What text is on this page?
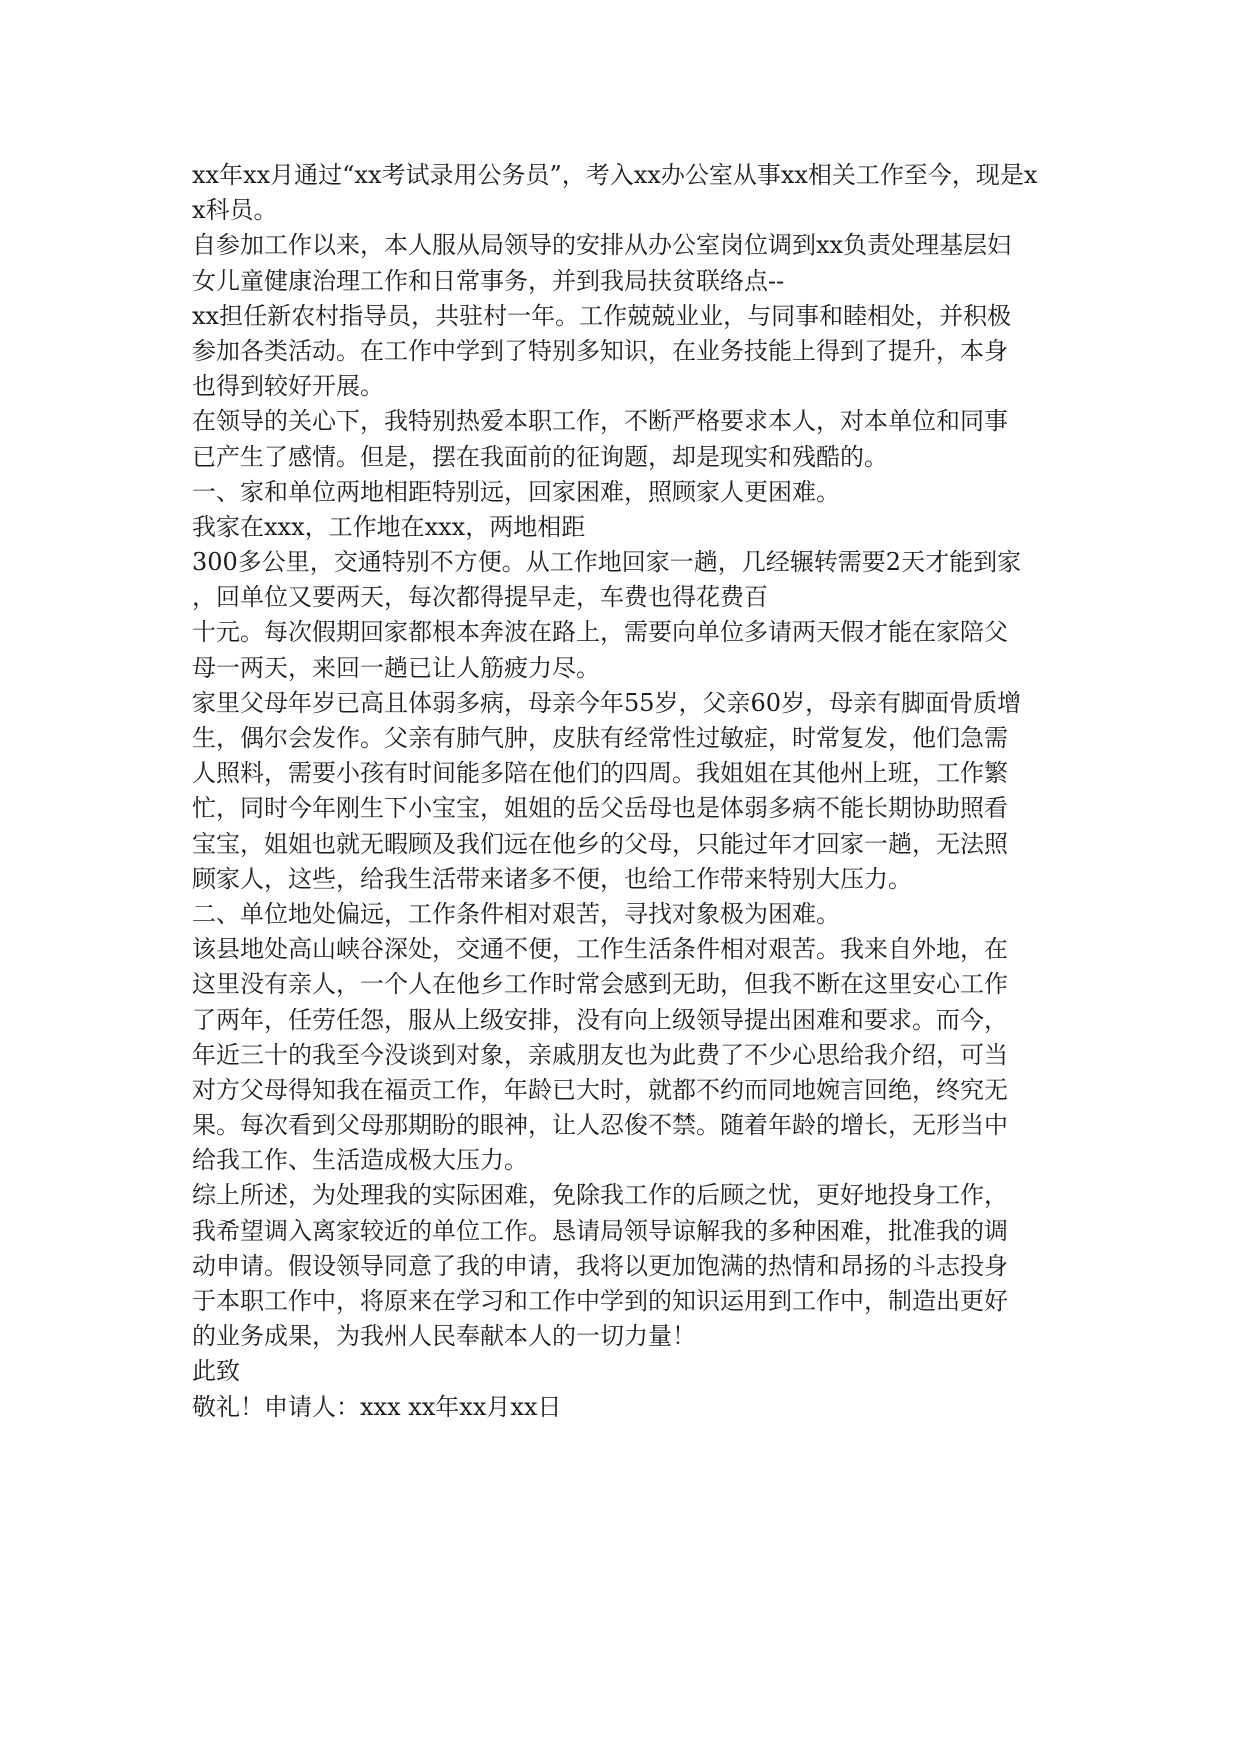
xx年xx月通过“xx考试录用公务员”，考入xx办公室从事xx相关工作至今，现是x
x科员。
自参加工作以来，本人服从局领导的安排从办公室岗位调到xx负责处理基层妇
女儿童健康治理工作和日常事务，并到我局扶贫联络点--
xx担任新农村指导员，共驻村一年。工作兢兢业业，与同事和睦相处，并积极
参加各类活动。在工作中学到了特别多知识，在业务技能上得到了提升，本身
也得到较好开展。
在领导的关心下，我特别热爱本职工作，不断严格要求本人，对本单位和同事
已产生了感情。但是，摆在我面前的征询题，却是现实和残酷的。
一、家和单位两地相距特别远，回家困难，照顾家人更困难。
我家在xxx，工作地在xxx，两地相距
300多公里，交通特别不方便。从工作地回家一趟，几经辗转需要2天才能到家
，回单位又要两天，每次都得提早走，车费也得花费百
十元。每次假期回家都根本奔波在路上，需要向单位多请两天假才能在家陪父
母一两天，来回一趟已让人筋疲力尽。
家里父母年岁已高且体弱多病，母亲今年55岁，父亲60岁，母亲有脚面骨质增
生，偶尔会发作。父亲有肺气肿，皮肤有经常性过敏症，时常复发，他们急需
人照料，需要小孩有时间能多陪在他们的四周。我姐姐在其他州上班，工作繁
忙，同时今年刚生下小宝宝，姐姐的岳父岳母也是体弱多病不能长期协助照看
宝宝，姐姐也就无暇顾及我们远在他乡的父母，只能过年才回家一趟，无法照
顾家人，这些，给我生活带来诸多不便，也给工作带来特别大压力。
二、单位地处偏远，工作条件相对艰苦，寻找对象极为困难。
该县地处高山峡谷深处，交通不便，工作生活条件相对艰苦。我来自外地，在
这里没有亲人，一个人在他乡工作时常会感到无助，但我不断在这里安心工作
了两年，任劳任怨，服从上级安排，没有向上级领导提出困难和要求。而今，
年近三十的我至今没谈到对象，亲戚朋友也为此费了不少心思给我介绍，可当
对方父母得知我在福贡工作，年龄已大时，就都不约而同地婉言回绝，终究无
果。每次看到父母那期盼的眼神，让人忍俊不禁。随着年龄的增长，无形当中
给我工作、生活造成极大压力。
综上所述，为处理我的实际困难，免除我工作的后顾之忧，更好地投身工作，
我希望调入离家较近的单位工作。恳请局领导谅解我的多种困难，批准我的调
动申请。假设领导同意了我的申请，我将以更加饱满的热情和昂扬的斗志投身
于本职工作中，将原来在学习和工作中学到的知识运用到工作中，制造出更好
的业务成果，为我州人民奉献本人的一切力量！
此致
敬礼！申请人：xxx xx年xx月xx日
